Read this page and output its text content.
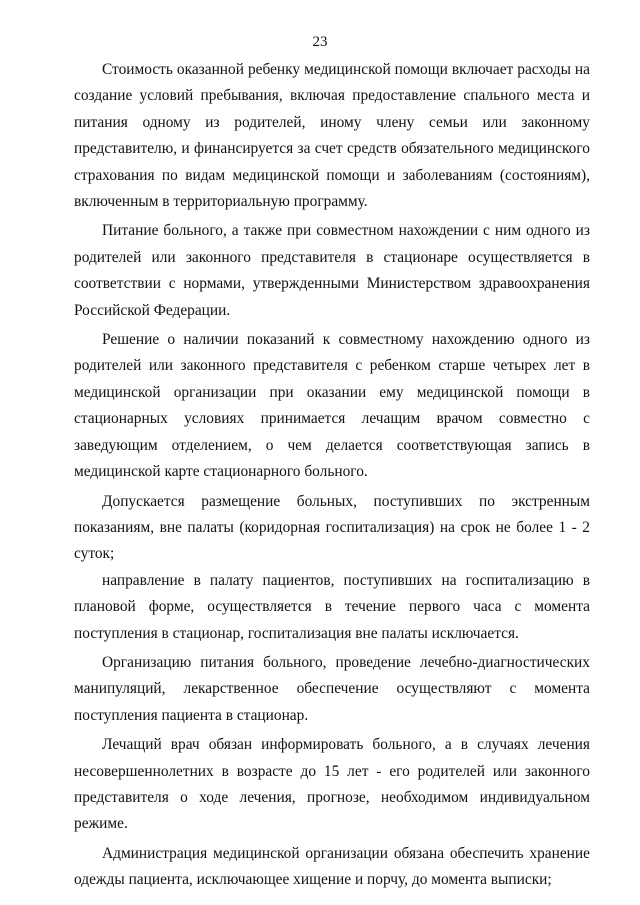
23

Стоимость оказанной ребенку медицинской помощи включает расходы на создание условий пребывания, включая предоставление спального места и питания одному из родителей, иному члену семьи или законному представителю, и финансируется за счет средств обязательного медицинского страхования по видам медицинской помощи и заболеваниям (состояниям), включенным в территориальную программу.

Питание больного, а также при совместном нахождении с ним одного из родителей или законного представителя в стационаре осуществляется в соответствии с нормами, утвержденными Министерством здравоохранения Российской Федерации.

Решение о наличии показаний к совместному нахождению одного из родителей или законного представителя с ребенком старше четырех лет в медицинской организации при оказании ему медицинской помощи в стационарных условиях принимается лечащим врачом совместно с заведующим отделением, о чем делается соответствующая запись в медицинской карте стационарного больного.

Допускается размещение больных, поступивших по экстренным показаниям, вне палаты (коридорная госпитализация) на срок не более 1 - 2 суток;

направление в палату пациентов, поступивших на госпитализацию в плановой форме, осуществляется в течение первого часа с момента поступления в стационар, госпитализация вне палаты исключается.

Организацию питания больного, проведение лечебно-диагностических манипуляций, лекарственное обеспечение осуществляют с момента поступления пациента в стационар.

Лечащий врач обязан информировать больного, а в случаях лечения несовершеннолетних в возрасте до 15 лет - его родителей или законного представителя о ходе лечения, прогнозе, необходимом индивидуальном режиме.

Администрация медицинской организации обязана обеспечить хранение одежды пациента, исключающее хищение и порчу, до момента выписки;
